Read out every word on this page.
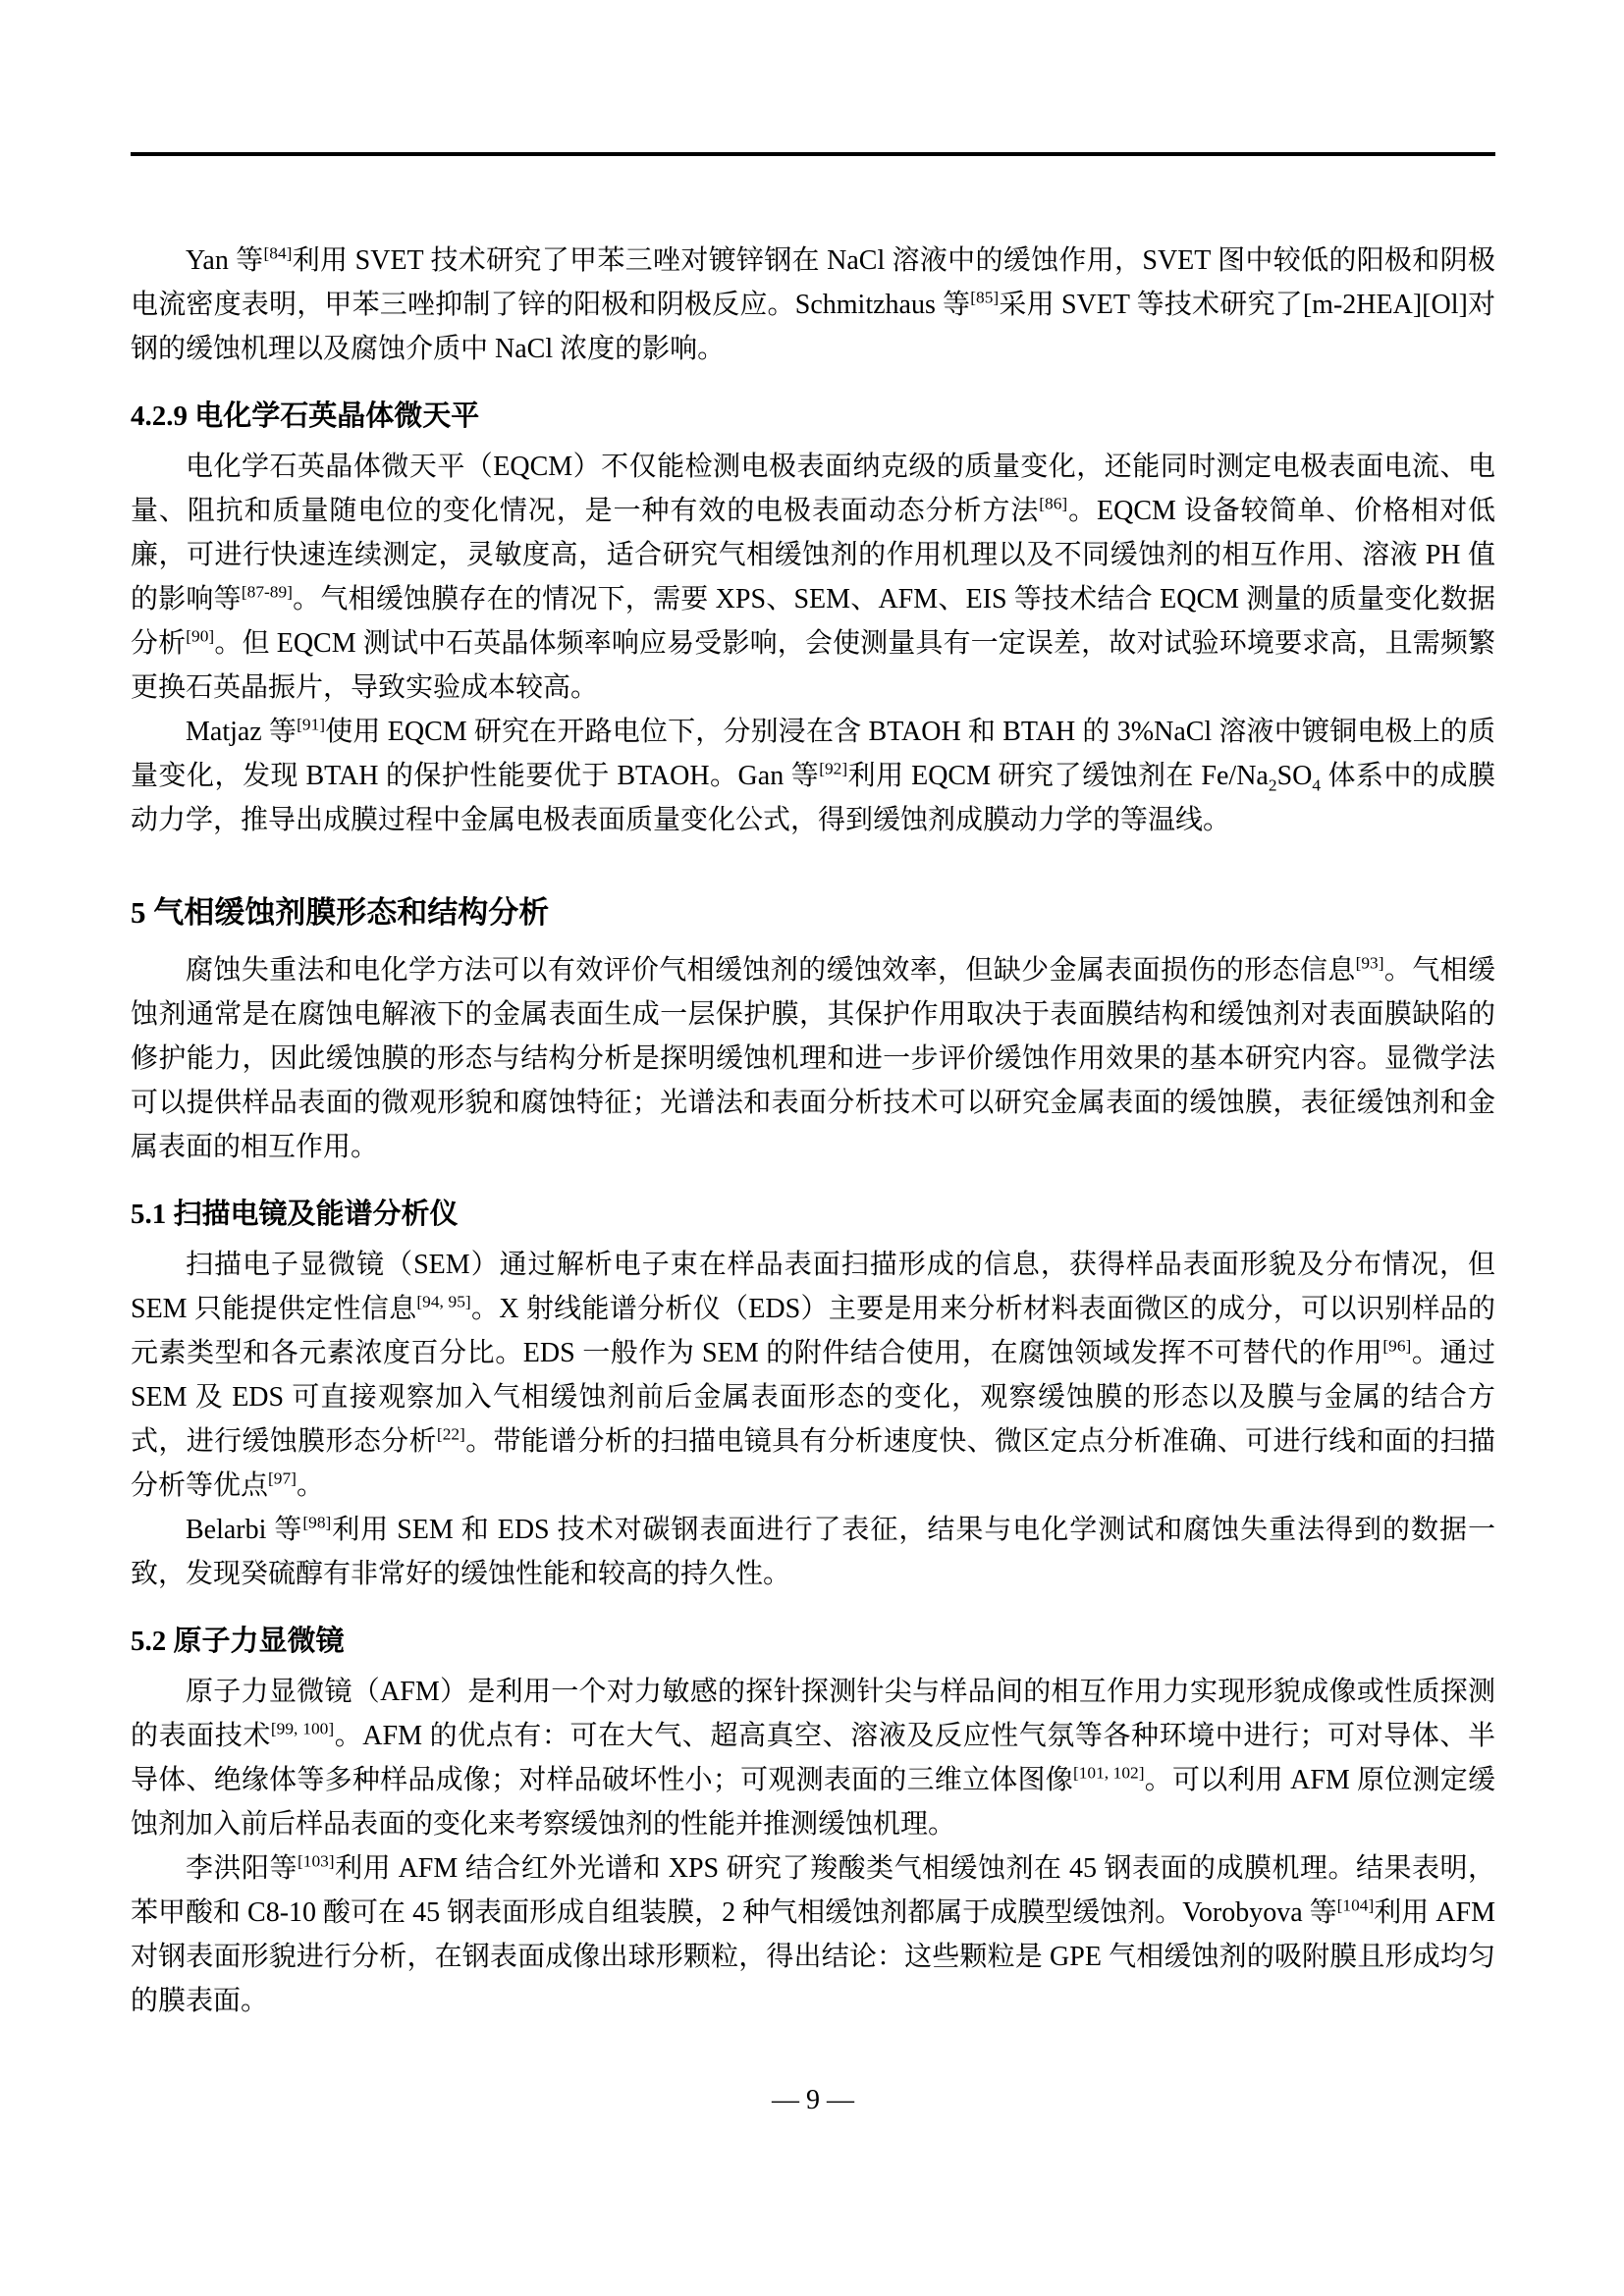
Yan 等[84]利用 SVET 技术研究了甲苯三唑对镀锌钢在 NaCl 溶液中的缓蚀作用，SVET 图中较低的阳极和阴极电流密度表明，甲苯三唑抑制了锌的阳极和阴极反应。Schmitzhaus 等[85]采用 SVET 等技术研究了[m-2HEA][Ol]对钢的缓蚀机理以及腐蚀介质中 NaCl 浓度的影响。

4.2.9 电化学石英晶体微天平

电化学石英晶体微天平（EQCM）不仅能检测电极表面纳克级的质量变化，还能同时测定电极表面电流、电量、阻抗和质量随电位的变化情况，是一种有效的电极表面动态分析方法[86]。EQCM 设备较简单、价格相对低廉，可进行快速连续测定，灵敏度高，适合研究气相缓蚀剂的作用机理以及不同缓蚀剂的相互作用、溶液 PH 值的影响等[87-89]。气相缓蚀膜存在的情况下，需要 XPS、SEM、AFM、EIS 等技术结合 EQCM 测量的质量变化数据分析[90]。但 EQCM 测试中石英晶体频率响应易受影响，会使测量具有一定误差，故对试验环境要求高，且需频繁更换石英晶振片，导致实验成本较高。

Matjaz 等[91]使用 EQCM 研究在开路电位下，分别浸在含 BTAOH 和 BTAH 的 3%NaCl 溶液中镀铜电极上的质量变化，发现 BTAH 的保护性能要优于 BTAOH。Gan 等[92]利用 EQCM 研究了缓蚀剂在 $Fe/Na_2SO_4$ 体系中的成膜动力学，推导出成膜过程中金属电极表面质量变化公式，得到缓蚀剂成膜动力学的等温线。

5 气相缓蚀剂膜形态和结构分析

腐蚀失重法和电化学方法可以有效评价气相缓蚀剂的缓蚀效率，但缺少金属表面损伤的形态信息[93]。气相缓蚀剂通常是在腐蚀电解液下的金属表面生成一层保护膜，其保护作用取决于表面膜结构和缓蚀剂对表面膜缺陷的修护能力，因此缓蚀膜的形态与结构分析是探明缓蚀机理和进一步评价缓蚀作用效果的基本研究内容。显微学法可以提供样品表面的微观形貌和腐蚀特征；光谱法和表面分析技术可以研究金属表面的缓蚀膜，表征缓蚀剂和金属表面的相互作用。

5.1 扫描电镜及能谱分析仪

扫描电子显微镜（SEM）通过解析电子束在样品表面扫描形成的信息，获得样品表面形貌及分布情况，但 SEM 只能提供定性信息[94, 95]。X 射线能谱分析仪（EDS）主要是用来分析材料表面微区的成分，可以识别样品的元素类型和各元素浓度百分比。EDS 一般作为 SEM 的附件结合使用，在腐蚀领域发挥不可替代的作用[96]。通过 SEM 及 EDS 可直接观察加入气相缓蚀剂前后金属表面形态的变化，观察缓蚀膜的形态以及膜与金属的结合方式，进行缓蚀膜形态分析[22]。带能谱分析的扫描电镜具有分析速度快、微区定点分析准确、可进行线和面的扫描分析等优点[97]。

Belarbi 等[98]利用 SEM 和 EDS 技术对碳钢表面进行了表征，结果与电化学测试和腐蚀失重法得到的数据一致，发现癸硫醇有非常好的缓蚀性能和较高的持久性。

5.2 原子力显微镜

原子力显微镜（AFM）是利用一个对力敏感的探针探测针尖与样品间的相互作用力实现形貌成像或性质探测的表面技术[99, 100]。AFM 的优点有：可在大气、超高真空、溶液及反应性气氛等各种环境中进行；可对导体、半导体、绝缘体等多种样品成像；对样品破坏性小；可观测表面的三维立体图像[101, 102]。可以利用 AFM 原位测定缓蚀剂加入前后样品表面的变化来考察缓蚀剂的性能并推测缓蚀机理。

李洪阳等[103]利用 AFM 结合红外光谱和 XPS 研究了羧酸类气相缓蚀剂在 45 钢表面的成膜机理。结果表明，苯甲酸和 C8-10 酸可在 45 钢表面形成自组装膜，2 种气相缓蚀剂都属于成膜型缓蚀剂。Vorobyova 等[104]利用 AFM 对钢表面形貌进行分析，在钢表面成像出球形颗粒，得出结论：这些颗粒是 GPE 气相缓蚀剂的吸附膜且形成均匀的膜表面。

— 9 —
